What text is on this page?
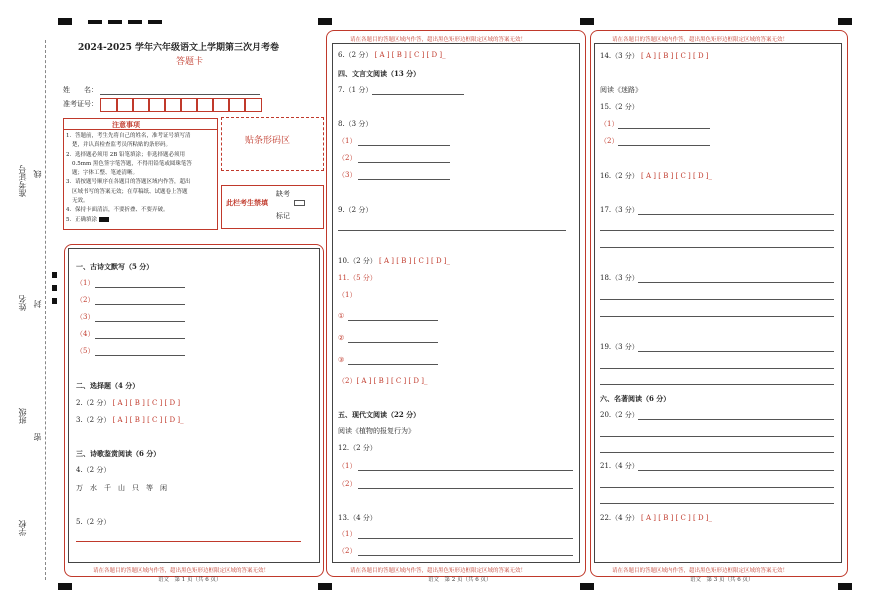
准考证号 线
姓名 封
班级
密
学校
2024-2025 学年六年级语文上学期第三次月考卷
答题卡
姓　　名：
准考证号：
注意事项
1．答题前，考生先将自己的姓名，准考证号填写清
楚，并认真检查监考员所粘贴的条形码。
2．选择题必须用 2B 铅笔填涂；非选择题必须用
0.5mm 黑色签字笔答题，不得用铅笔或圆珠笔答
题；字体工整、笔迹清晰。
3．请按题号顺序在各题目的答题区域内作答，超出
区域书写的答案无效；在草稿纸、试题卷上答题
无效。
4．保持卡面清洁，不要折叠、不要弄破。
5．正确填涂
贴条形码区
此栏考生禁填
缺考
标记
一、古诗文默写（5 分）
（1）
（2）
（3）
（4）
（5）
二、选择题（4 分）
2.（2 分） [ A ] [ B ] [ C ] [ D ]
3.（2 分） [ A ] [ B ] [ C ] [ D ]_
三、诗歌鉴赏阅读（6 分）
4.（2 分）
万　水　千　山　只　等　闲
5.（2 分）
请在各题目的答题区域内作答，超出黑色矩形边框限定区域的答案无效！
语文　第 1 页（共 6 页）
请在各题目的答题区域内作答，超出黑色矩形边框限定区域的答案无效！
6.（2 分） [ A ] [ B ] [ C ] [ D ]_
四、文言文阅读（13 分）
7.（1 分）
8.（3 分）
（1）
（2）
（3）
9.（2 分）
10.（2 分） [ A ] [ B ] [ C ] [ D ]_
11.（5 分）
（1）
①
②
③
（2）[ A ] [ B ] [ C ] [ D ]_
五、现代文阅读（22 分）
阅读《植物的报复行为》
12.（2 分）
（1）
（2）
13.（4 分）
（1）
（2）
请在各题目的答题区域内作答，超出黑色矩形边框限定区域的答案无效！
语文　第 2 页（共 6 页）
请在各题目的答题区域内作答，超出黑色矩形边框限定区域的答案无效！
14.（3 分） [ A ] [ B ] [ C ] [ D ]
阅读《迷路》
15.（2 分）
（1）
（2）
16.（2 分） [ A ] [ B ] [ C ] [ D ]_
17.（3 分）
18.（3 分）
19.（3 分）
六、名著阅读（6 分）
20.（2 分）
21.（4 分）
22.（4 分） [ A ] [ B ] [ C ] [ D ]_
请在各题目的答题区域内作答，超出黑色矩形边框限定区域的答案无效！
语文　第 3 页（共 6 页）
